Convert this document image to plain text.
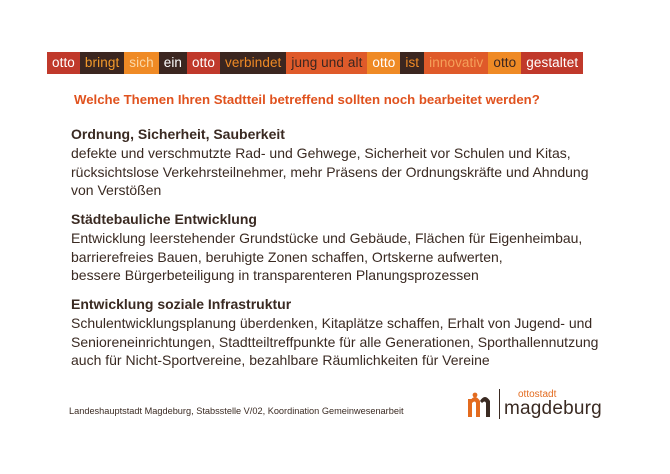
otto bringt sich ein otto verbindet jung und alt otto ist innovativ otto gestaltet
Welche Themen Ihren Stadtteil betreffend sollten noch bearbeitet werden?
Ordnung, Sicherheit, Sauberkeit
defekte und verschmutzte Rad- und Gehwege, Sicherheit vor Schulen und Kitas,
rücksichtslose Verkehrsteilnehmer, mehr Präsens der Ordnungskräfte und Ahndung
von Verstößen
Städtebauliche Entwicklung
Entwicklung leerstehender Grundstücke und Gebäude, Flächen für Eigenheimbau,
barrierefreies Bauen, beruhigte Zonen schaffen, Ortskerne aufwerten,
bessere Bürgerbeteiligung in transparenteren Planungsprozessen
Entwicklung soziale Infrastruktur
Schulentwicklungsplanung überdenken, Kitaplätze schaffen, Erhalt von Jugend- und
Senioreneinrichtungen, Stadtteiltreffpunkte für alle Generationen, Sporthallennutzung
auch für Nicht-Sportvereine, bezahlbare Räumlichkeiten für Vereine
Landeshauptstadt Magdeburg, Stabsstelle V/02, Koordination Gemeinwesenarbeit
ottostadt
magdeburg
